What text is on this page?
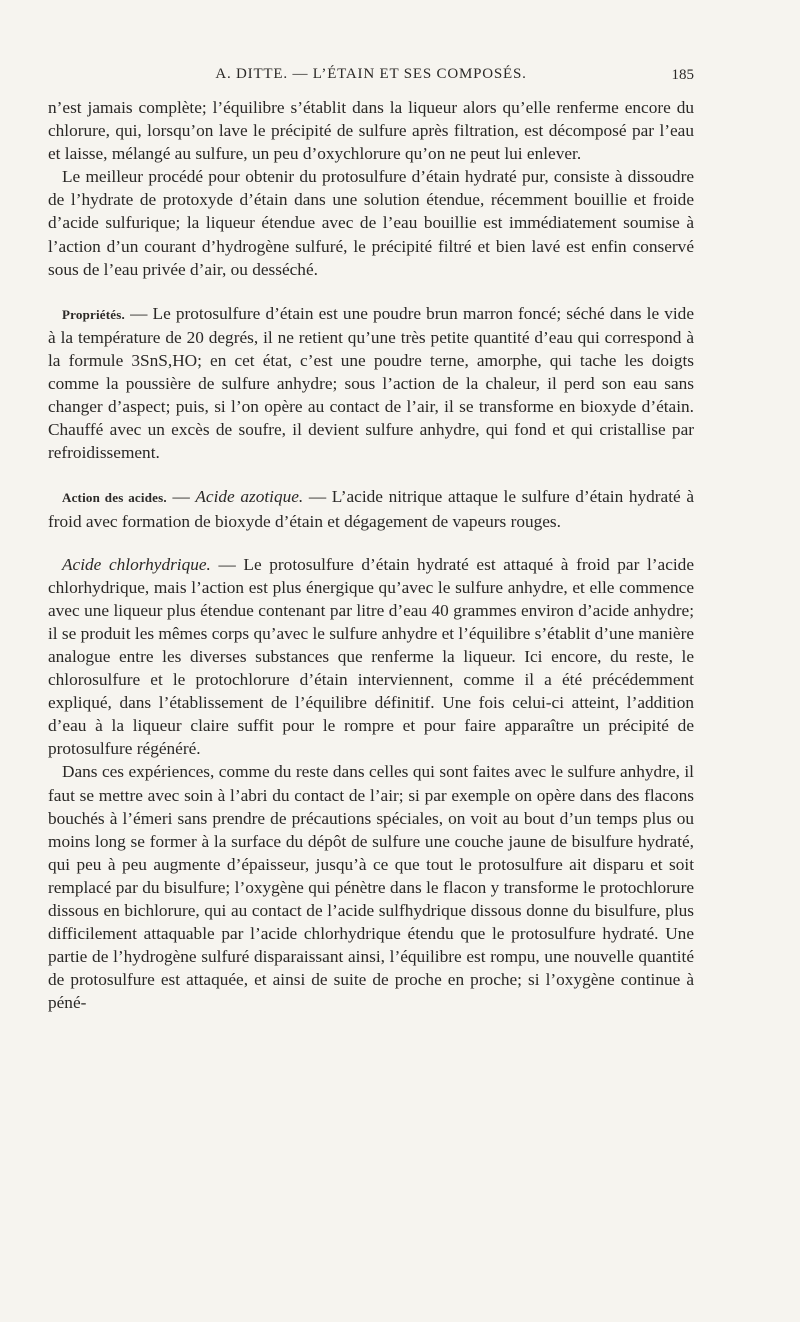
A. DITTE. — L’ÉTAIN ET SES COMPOSÉS.	185

n’est jamais complète; l’équilibre s’établit dans la liqueur alors qu’elle renferme encore du chlorure, qui, lorsqu’on lave le précipité de sulfure après filtration, est décomposé par l’eau et laisse, mélangé au sulfure, un peu d’oxychlorure qu’on ne peut lui enlever.

Le meilleur procédé pour obtenir du protosulfure d’étain hydraté pur, consiste à dissoudre de l’hydrate de protoxyde d’étain dans une solution étendue, récemment bouillie et froide d’acide sulfurique; la liqueur étendue avec de l’eau bouillie est immédiatement soumise à l’action d’un courant d’hydrogène sulfuré, le précipité filtré et bien lavé est enfin conservé sous de l’eau privée d’air, ou desséché.

Propriétés. — Le protosulfure d’étain est une poudre brun marron foncé; séché dans le vide à la température de 20 degrés, il ne retient qu’une très petite quantité d’eau qui correspond à la formule 3SnS,HO; en cet état, c’est une poudre terne, amorphe, qui tache les doigts comme la poussière de sulfure anhydre; sous l’action de la chaleur, il perd son eau sans changer d’aspect; puis, si l’on opère au contact de l’air, il se transforme en bioxyde d’étain. Chauffé avec un excès de soufre, il devient sulfure anhydre, qui fond et qui cristallise par refroidissement.

Action des acides. — Acide azotique. — L’acide nitrique attaque le sulfure d’étain hydraté à froid avec formation de bioxyde d’étain et dégagement de vapeurs rouges.

Acide chlorhydrique. — Le protosulfure d’étain hydraté est attaqué à froid par l’acide chlorhydrique, mais l’action est plus énergique qu’avec le sulfure anhydre, et elle commence avec une liqueur plus étendue contenant par litre d’eau 40 grammes environ d’acide anhydre; il se produit les mêmes corps qu’avec le sulfure anhydre et l’équilibre s’établit d’une manière analogue entre les diverses substances que renferme la liqueur. Ici encore, du reste, le chlorosulfure et le protochlorure d’étain interviennent, comme il a été précédemment expliqué, dans l’établissement de l’équilibre définitif. Une fois celui-ci atteint, l’addition d’eau à la liqueur claire suffit pour le rompre et pour faire apparaître un précipité de protosulfure régénéré.

Dans ces expériences, comme du reste dans celles qui sont faites avec le sulfure anhydre, il faut se mettre avec soin à l’abri du contact de l’air; si par exemple on opère dans des flacons bouchés à l’émeri sans prendre de précautions spéciales, on voit au bout d’un temps plus ou moins long se former à la surface du dépôt de sulfure une couche jaune de bisulfure hydraté, qui peu à peu augmente d’épaisseur, jusqu’à ce que tout le protosulfure ait disparu et soit remplacé par du bisulfure; l’oxygène qui pénètre dans le flacon y transforme le protochlorure dissous en bichlorure, qui au contact de l’acide sulfhydrique dissous donne du bisulfure, plus difficilement attaquable par l’acide chlorhydrique étendu que le protosulfure hydraté. Une partie de l’hydrogène sulfuré disparaissant ainsi, l’équilibre est rompu, une nouvelle quantité de protosulfure est attaquée, et ainsi de suite de proche en proche; si l’oxygène continue à péné-
